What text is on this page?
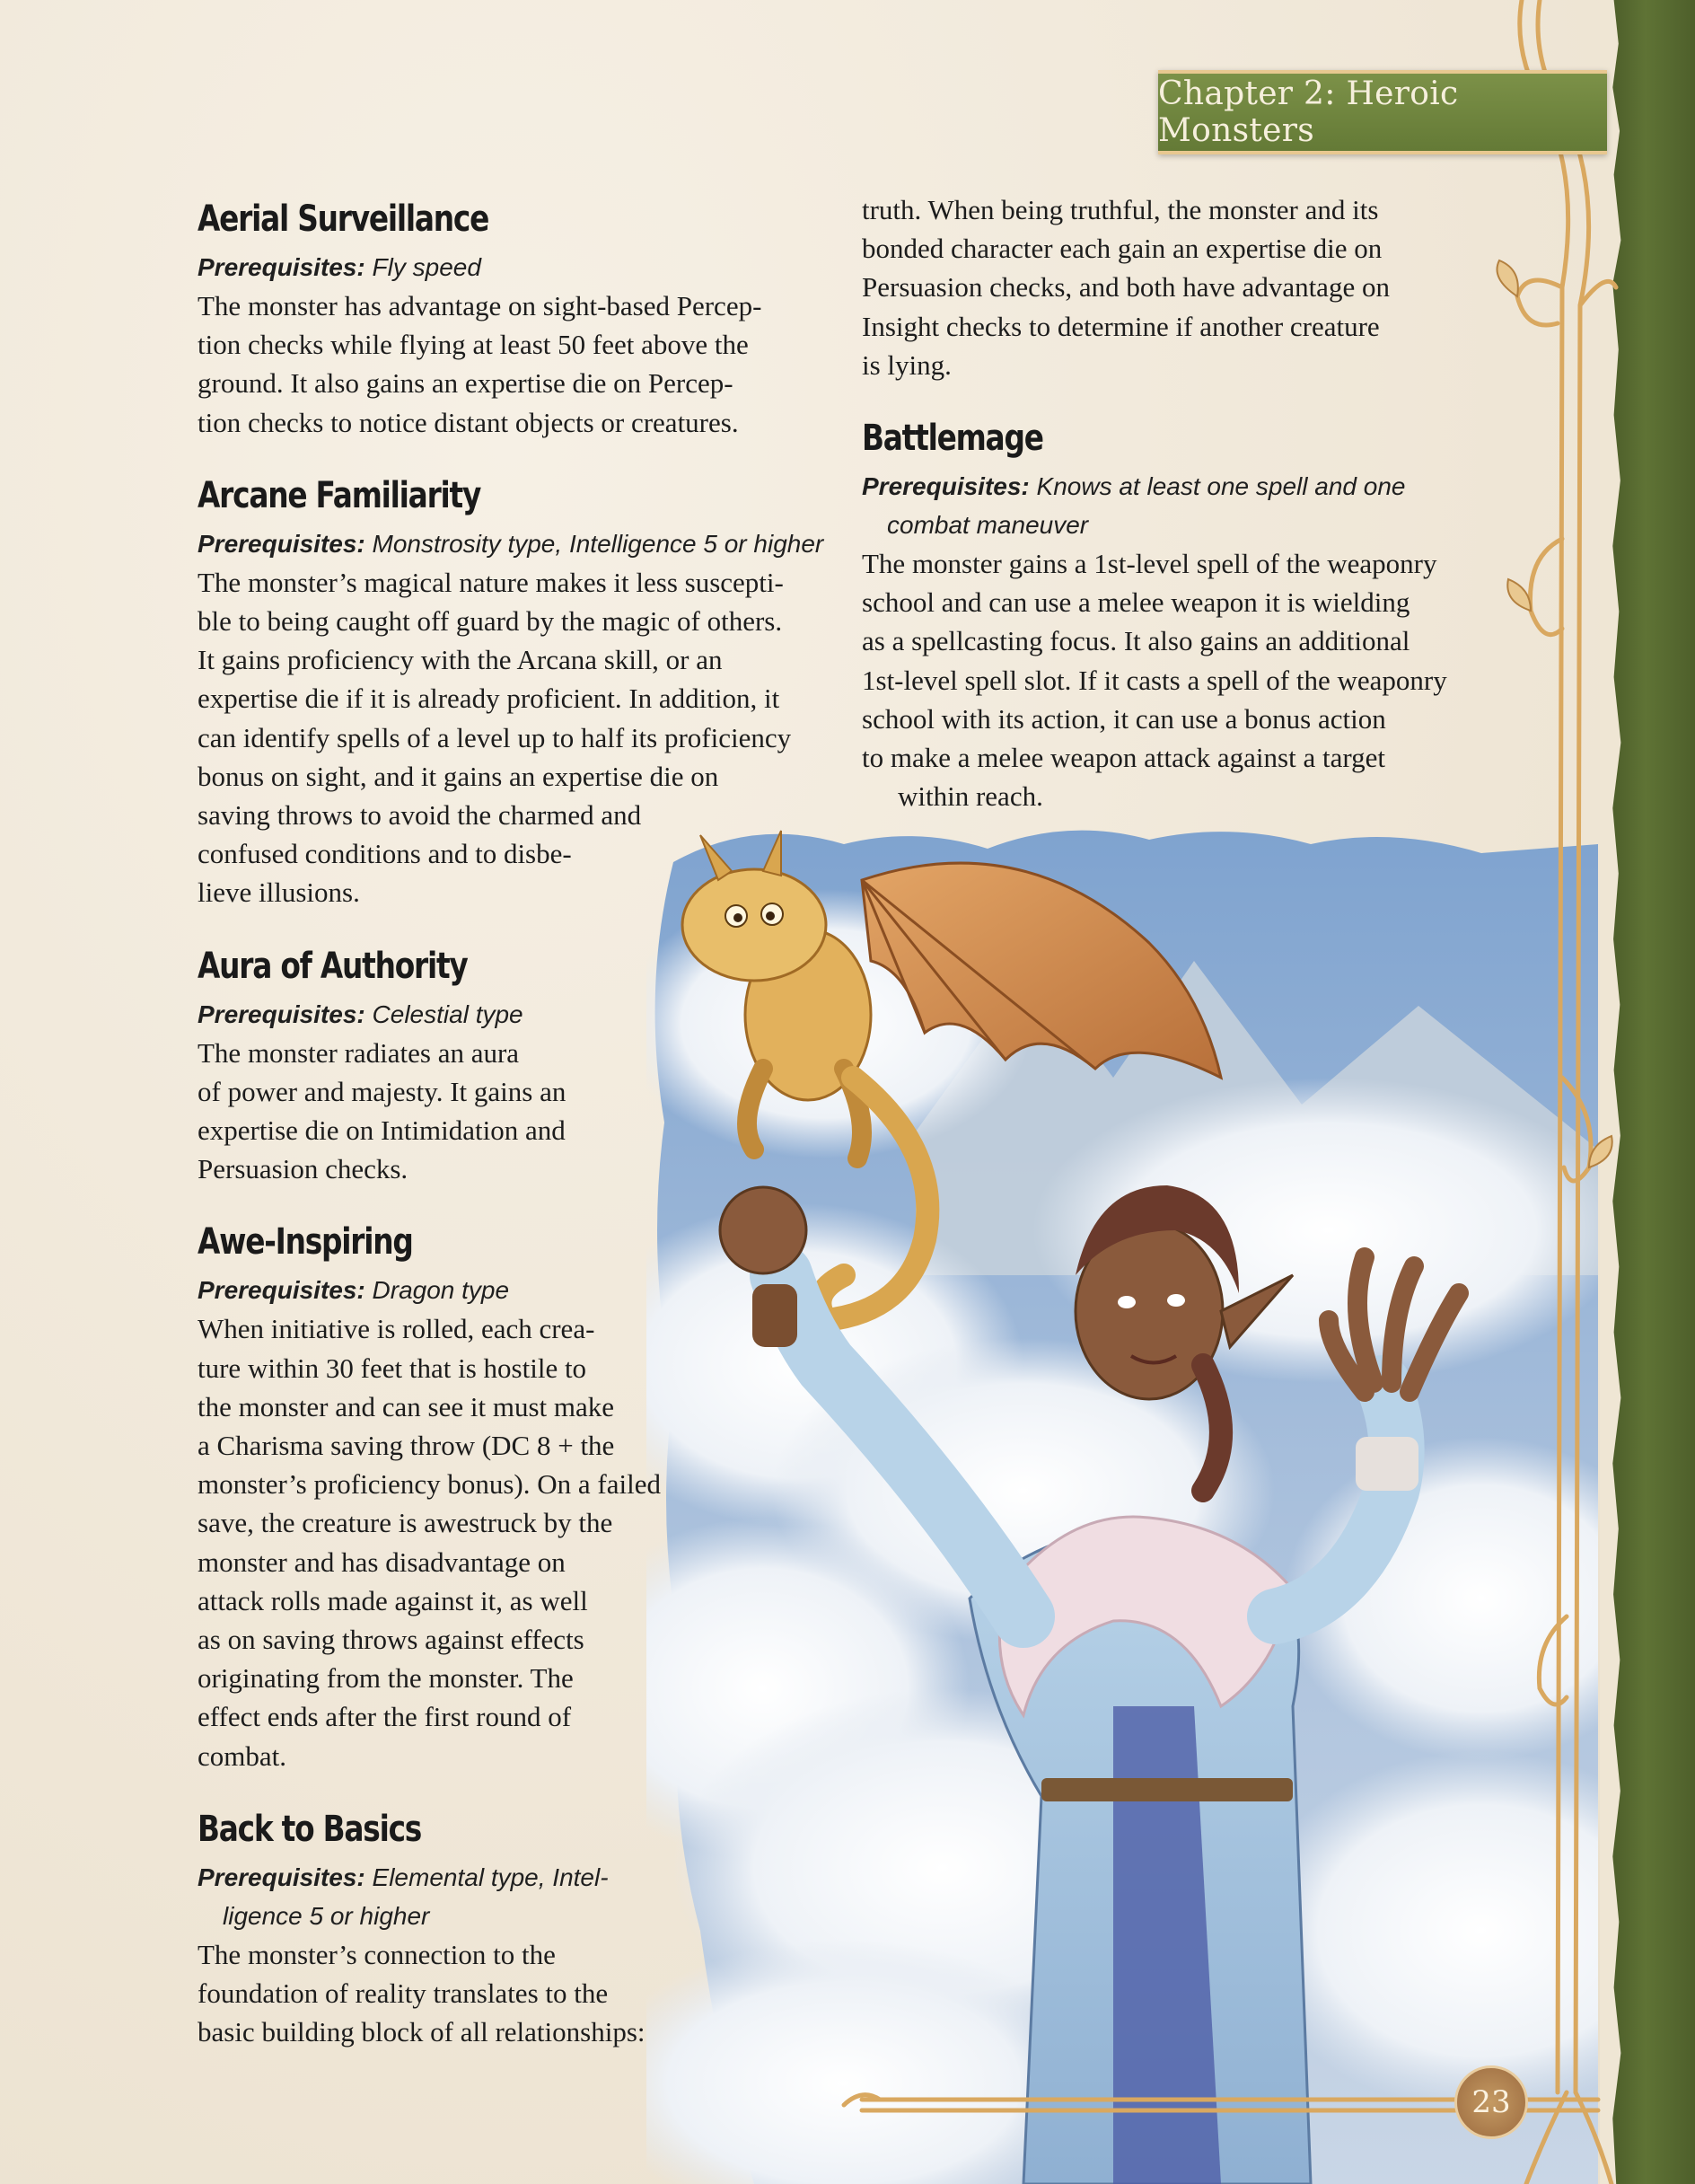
Chapter 2: Heroic Monsters
Aerial Surveillance
Prerequisites: Fly speed
The monster has advantage on sight-based Percep-
tion checks while flying at least 50 feet above the
ground. It also gains an expertise die on Percep-
tion checks to notice distant objects or creatures.
Arcane Familiarity
Prerequisites: Monstrosity type, Intelligence 5 or higher
The monster’s magical nature makes it less suscepti-
ble to being caught off guard by the magic of others.
It gains proficiency with the Arcana skill, or an
expertise die if it is already proficient. In addition, it
can identify spells of a level up to half its proficiency
bonus on sight, and it gains an expertise die on
saving throws to avoid the charmed and
confused conditions and to disbe-
lieve illusions.
Aura of Authority
Prerequisites: Celestial type
The monster radiates an aura
of power and majesty. It gains an
expertise die on Intimidation and
Persuasion checks.
Awe-Inspiring
Prerequisites: Dragon type
When initiative is rolled, each crea-
ture within 30 feet that is hostile to
the monster and can see it must make
a Charisma saving throw (DC 8 + the
monster’s proficiency bonus). On a failed
save, the creature is awestruck by the
monster and has disadvantage on
attack rolls made against it, as well
as on saving throws against effects
originating from the monster. The
effect ends after the first round of
combat.
Back to Basics
Prerequisites: Elemental type, Intel-
ligence 5 or higher
The monster’s connection to the
foundation of reality translates to the
basic building block of all relationships:
truth. When being truthful, the monster and its
bonded character each gain an expertise die on
Persuasion checks, and both have advantage on
Insight checks to determine if another creature
is lying.
Battlemage
Prerequisites: Knows at least one spell and one
combat maneuver
The monster gains a 1st-level spell of the weaponry
school and can use a melee weapon it is wielding
as a spellcasting focus. It also gains an additional
1st-level spell slot. If it casts a spell of the weaponry
school with its action, it can use a bonus action
to make a melee weapon attack against a target
within reach.
23
